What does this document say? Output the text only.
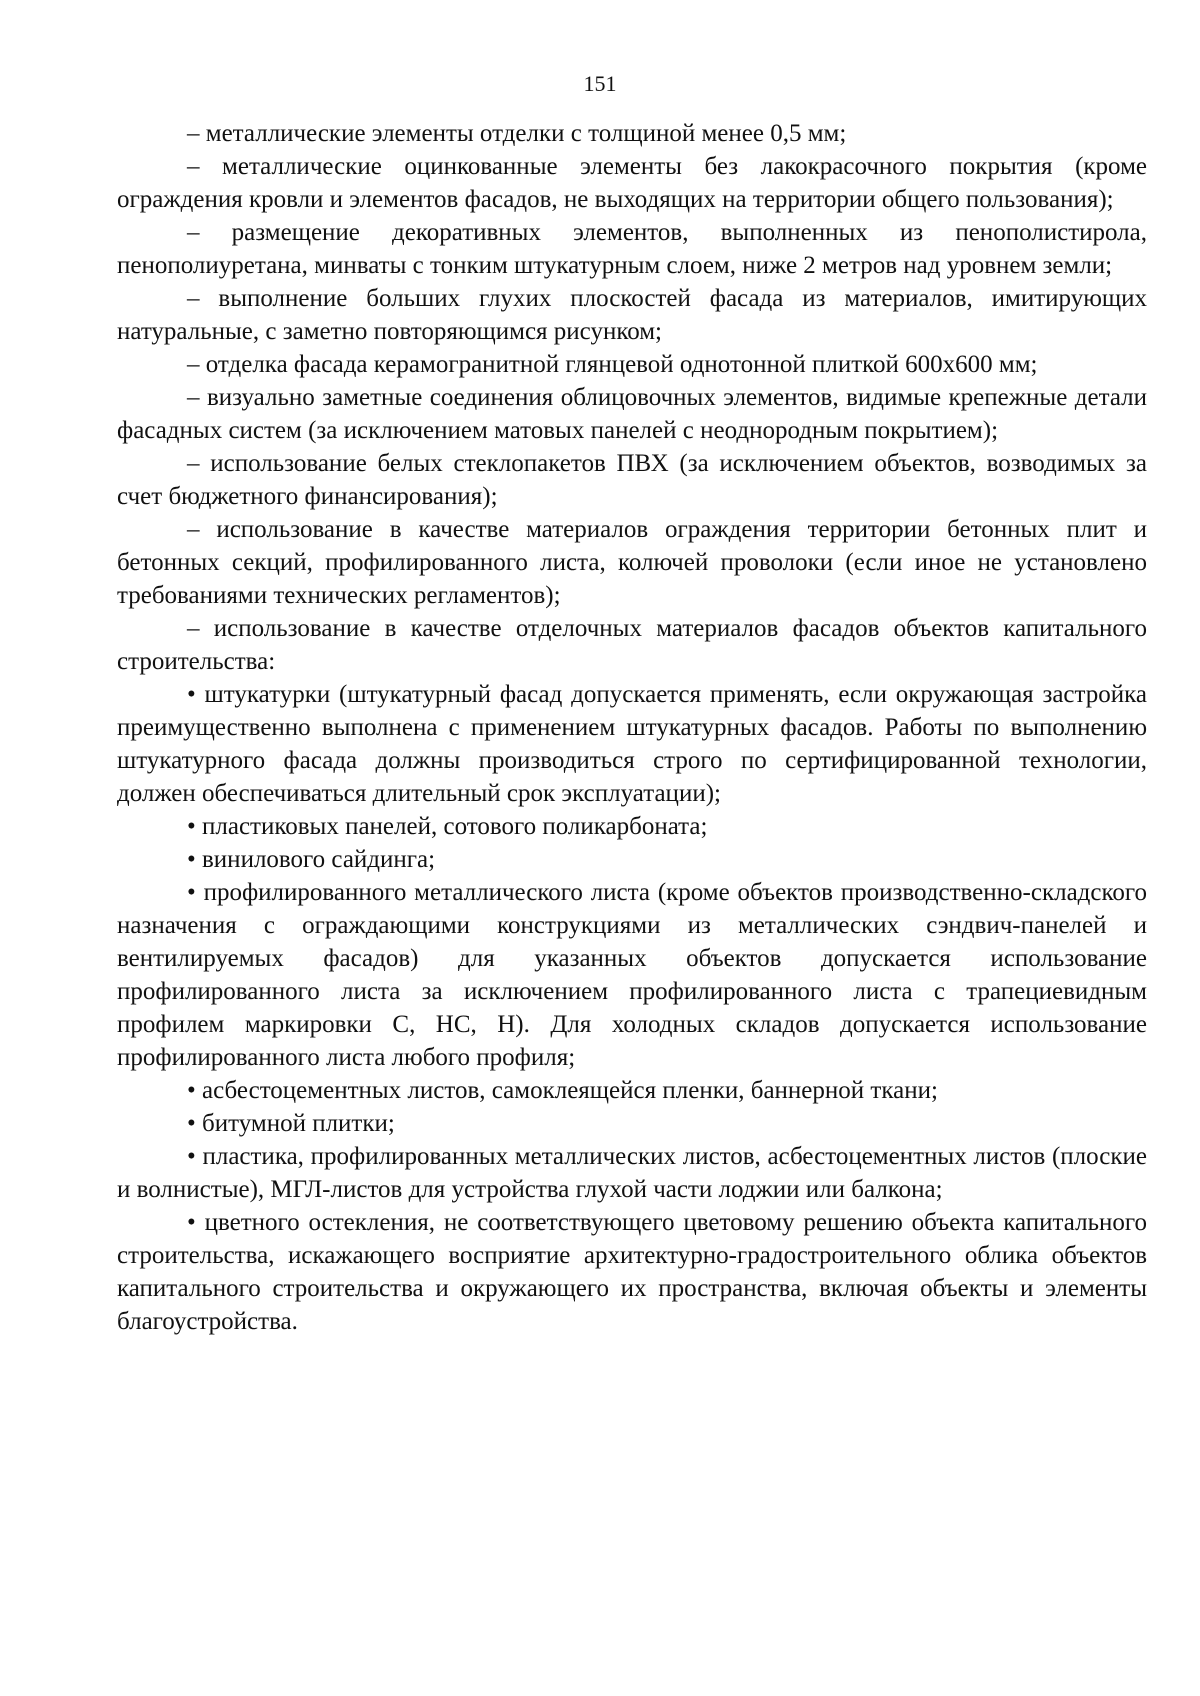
151

– металлические элементы отделки с толщиной менее 0,5 мм;

– металлические оцинкованные элементы без лакокрасочного покрытия (кроме ограждения кровли и элементов фасадов, не выходящих на территории общего пользования);

– размещение декоративных элементов, выполненных из пенополистирола, пенополиуретана, минваты с тонким штукатурным слоем, ниже 2 метров над уровнем земли;

– выполнение больших глухих плоскостей фасада из материалов, имитирующих натуральные, с заметно повторяющимся рисунком;

– отделка фасада керамогранитной глянцевой однотонной плиткой 600х600 мм;

– визуально заметные соединения облицовочных элементов, видимые крепежные детали фасадных систем (за исключением матовых панелей с неоднородным покрытием);

– использование белых стеклопакетов ПВХ (за исключением объектов, возводимых за счет бюджетного финансирования);

– использование в качестве материалов ограждения территории бетонных плит и бетонных секций, профилированного листа, колючей проволоки (если иное не установлено требованиями технических регламентов);

– использование в качестве отделочных материалов фасадов объектов капитального строительства:

• штукатурки (штукатурный фасад допускается применять, если окружающая застройка преимущественно выполнена с применением штукатурных фасадов. Работы по выполнению штукатурного фасада должны производиться строго по сертифицированной технологии, должен обеспечиваться длительный срок эксплуатации);

• пластиковых панелей, сотового поликарбоната;

• винилового сайдинга;

• профилированного металлического листа (кроме объектов производственно-складского назначения с ограждающими конструкциями из металлических сэндвич-панелей и вентилируемых фасадов) для указанных объектов допускается использование профилированного листа за исключением профилированного листа с трапециевидным профилем маркировки С, НС, Н). Для холодных складов допускается использование профилированного листа любого профиля;

• асбестоцементных листов, самоклеящейся пленки, баннерной ткани;

• битумной плитки;

• пластика, профилированных металлических листов, асбестоцементных листов (плоские и волнистые), МГЛ-листов для устройства глухой части лоджии или балкона;

• цветного остекления, не соответствующего цветовому решению объекта капитального строительства, искажающего восприятие архитектурно-градостроительного облика объектов капитального строительства и окружающего их пространства, включая объекты и элементы благоустройства.
